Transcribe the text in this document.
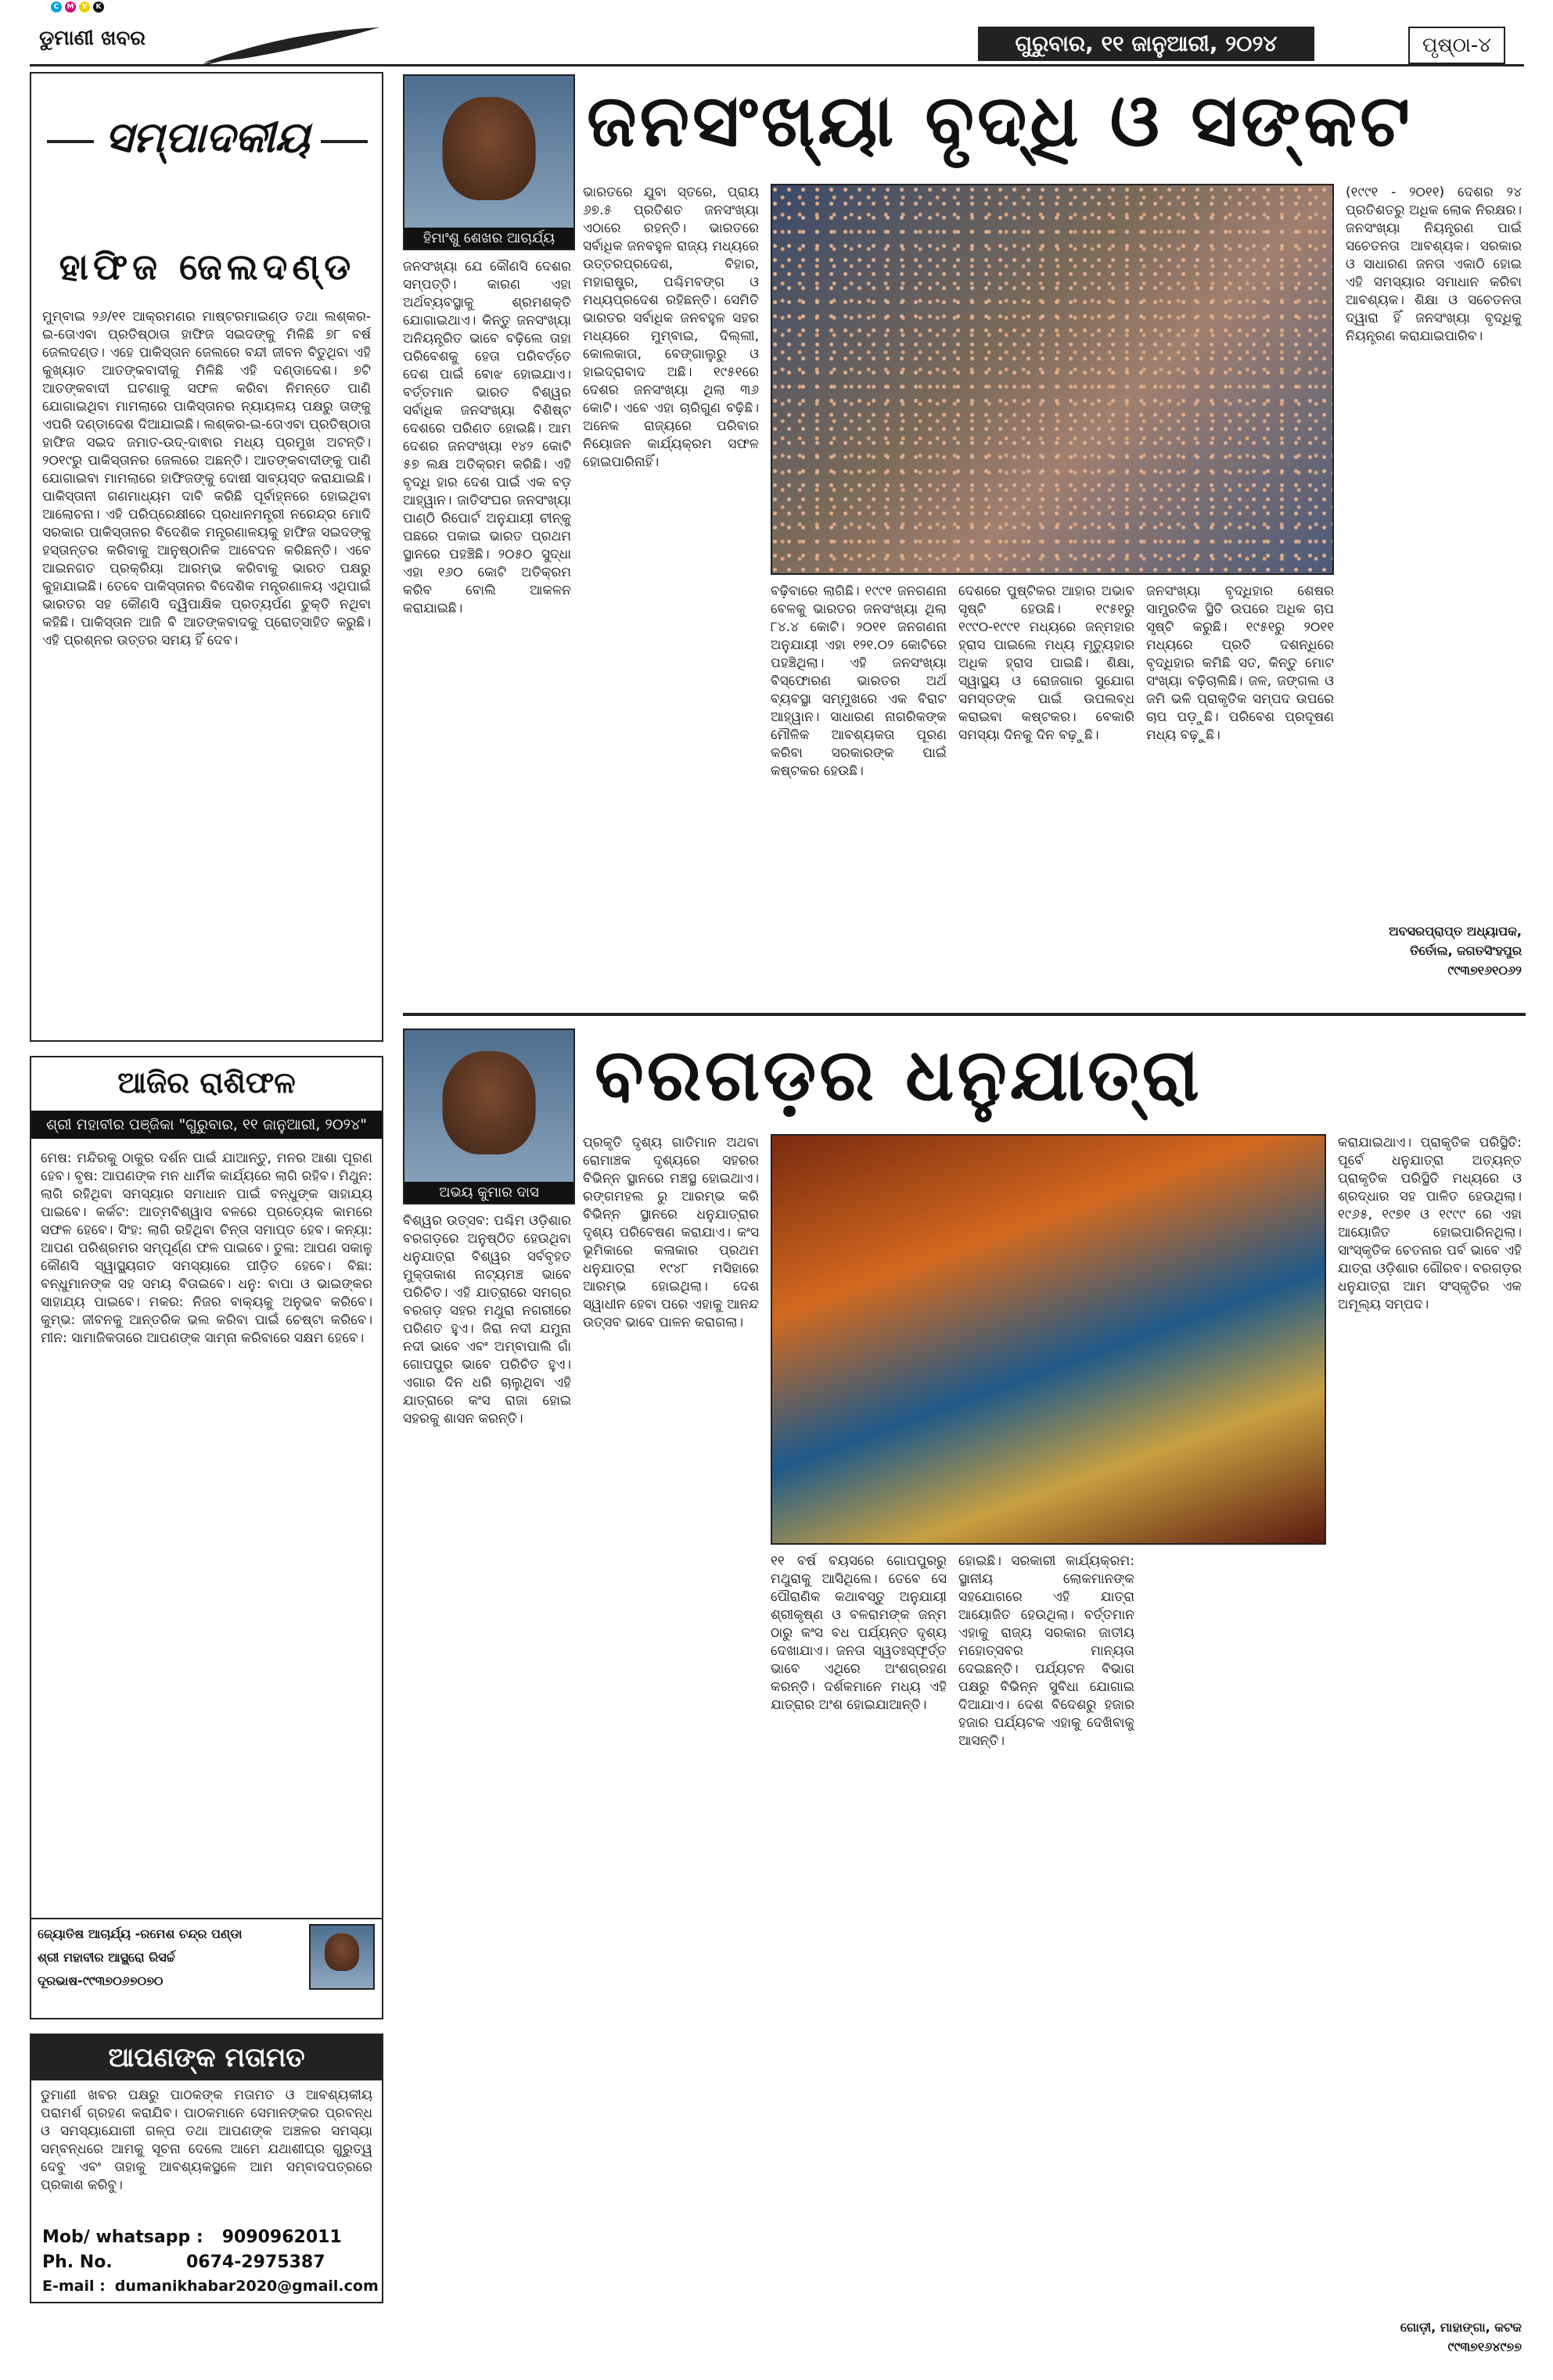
C	M	Y	K
ଡୁମାଣୀ ଖବର	ଗୁରୁବାର, ୧୧ ଜାନୁଆରୀ, ୨୦୨୪	ପୃଷ୍ଠା-୪
ସମ୍ପାଦକୀୟ
ହାଫିଜ ଜେଲଦଣ୍ଡ
ମୁମ୍ବାଇ ୨୬/୧୧ ଆକ୍ରମଣର ମାଷ୍ଟରମାଇଣ୍ଡ ତଥା ଲଶ୍କର-ଇ-ତୋଏବା ପ୍ରତିଷ୍ଠାତା ହାଫିଜ ସଇଦଙ୍କୁ ମିଳିଛି ୭୮ ବର୍ଷ ଜେଲଦଣ୍ଡ। ଏହେ ପାକିସ୍ତାନ ଜେଲରେ ବନ୍ଦୀ ଜୀବନ ବିତୁଥିବା ଏହି କୁଖ୍ୟାତ ଆତଙ୍କବାଦୀକୁ ମିଳିଛି ଏହି ଦଣ୍ଡାଦେଶ। ୭ଟି ଆତଙ୍କବାଦୀ ଘଟଣାକୁ ସଫଳ କରିବା ନିମନ୍ତେ ପାଣି ଯୋଗାଇଥିବା ମାମଲାରେ ପାକିସ୍ତାନର ନ୍ୟାୟଳୟ ପକ୍ଷରୁ ତାଙ୍କୁ ଏପରି ଦଣ୍ଡାଦେଶ ଦିଆଯାଇଛି। ଲଶ୍କର-ଇ-ତୋଏବା ପ୍ରତିଷ୍ଠାତା ହାଫିଜ ସଇଦ ଜମାତ-ଉଦ୍-ଦାଵାର ମଧ୍ୟ ପ୍ରମୁଖ ଅଟନ୍ତି। ୨୦୧୯ରୁ ପାକିସ୍ତାନର ଜେଲରେ ଅଛନ୍ତି। ଆତଙ୍କବାଦୀଙ୍କୁ ପାଣି ଯୋଗାଇବା ମାମଲାରେ ହାଫିଜଙ୍କୁ ଦୋଷୀ ସାବ୍ୟସ୍ତ କରାଯାଇଛି। ପାକିସ୍ତାନୀ ଗଣମାଧ୍ୟମ ଦାବି କରିଛି ପୂର୍ବାହ୍ନରେ ହୋଇଥିବା ଆଲୋଚନା। ଏହି ପରିପ୍ରେକ୍ଷୀରେ ପ୍ରଧାନମନ୍ତ୍ରୀ ନରେନ୍ଦ୍ର ମୋଦି ସରକାର ପାକିସ୍ତାନର ବିଦେଶିକ ମନ୍ତ୍ରଣାଳୟକୁ ହାଫିଜ ସଇଦଙ୍କୁ ହସ୍ତାନ୍ତର କରିବାକୁ ଆନୁଷ୍ଠାନିକ ଆବେଦନ କରିଛନ୍ତି। ଏବେ ଆଇନଗତ ପ୍ରକ୍ରିୟା ଆରମ୍ଭ କରିବାକୁ ଭାରତ ପକ୍ଷରୁ କୁହାଯାଇଛି। ତେବେ ପାକିସ୍ତାନର ବିଦେଶିକ ମନ୍ତ୍ରଣାଳୟ ଏଥିପାଇଁ ଭାରତର ସହ କୌଣସି ଦ୍ୱିପାକ୍ଷିକ ପ୍ରତ୍ୟର୍ପଣ ଚୁକ୍ତି ନଥିବା କହିଛି। ପାକିସ୍ତାନ ଆଜି ବି ଆତଙ୍କବାଦକୁ ପ୍ରୋତ୍ସାହିତ କରୁଛି। ଏହି ପ୍ରଶ୍ନର ଉତ୍ତର ସମୟ ହିଁ ଦେବ।
ଆଜିର ରାଶିଫଳ
ଶ୍ରୀ ମହାବୀର ପଞ୍ଜିକା "ଗୁରୁବାର, ୧୧ ଜାନୁଆରୀ, ୨୦୨୪"
ମେଷ: ମନ୍ଦିରକୁ ଠାକୁର ଦର୍ଶନ ପାଇଁ ଯାଆନ୍ତୁ, ମନର ଆଶା ପୂରଣ ହେବ। ବୃଷ: ଆପଣଙ୍କ ମନ ଧାର୍ମିକ କାର୍ଯ୍ୟରେ ଲାଗି ରହିବ। ମିଥୁନ: ଲାଗି ରହିଥିବା ସମସ୍ୟାର ସମାଧାନ ପାଇଁ ବନ୍ଧୁଙ୍କ ସାହାଯ୍ୟ ପାଇବେ। କର୍କଟ: ଆତ୍ମବିଶ୍ୱାସ ବଳରେ ପ୍ରତ୍ୟେକ କାମରେ ସଫଳ ହେବେ। ସିଂହ: ଲାଗି ରହିଥିବା ଚିନ୍ତା ସମାପ୍ତ ହେବ। କନ୍ୟା: ଆପଣ ପରିଶ୍ରମର ସମ୍ପୂର୍ଣ୍ଣ ଫଳ ପାଇବେ। ତୁଳା: ଆପଣ ସକାଳୁ କୌଣସି ସ୍ୱାସ୍ଥ୍ୟଗତ ସମସ୍ୟାରେ ପୀଡ଼ିତ ହେବେ। ବିଛା: ବନ୍ଧୁମାନଙ୍କ ସହ ସମୟ ବିତାଇବେ। ଧନୁ: ବାପା ଓ ଭାଇଙ୍କର ସାହାଯ୍ୟ ପାଇବେ। ମକର: ନିଜର ବାକ୍ୟକୁ ଅନୁଭବ କରିବେ। କୁମ୍ଭ: ଜୀବନକୁ ଆନ୍ତରିକ ଭଲ କରିବା ପାଇଁ ଚେଷ୍ଟା କରିବେ। ମୀନ: ସାମାଜିକତାରେ ଆପଣଙ୍କ ସାମ୍ନା କରିବାରେ ସକ୍ଷମ ହେବେ।
ଜ୍ୟୋତିଷ ଆଚାର୍ଯ୍ୟ -ରମେଶ ଚନ୍ଦ୍ର ପଣ୍ଡା
ଶ୍ରୀ ମହାବୀର ଆସ୍ଥ୍ରୋ ରିସର୍ଚ୍ଚ
ଦୂରଭାଷ-୯୯୩୭୦୬୭୦୭୦
ଆପଣଙ୍କ ମତାମତ
ଡୁମାଣୀ ଖବର ପକ୍ଷରୁ ପାଠକଙ୍କ ମତାମତ ଓ ଆବଶ୍ୟକୀୟ ପରାମର୍ଶ ଗ୍ରହଣ କରାଯିବ। ପାଠକମାନେ ସେମାନଙ୍କର ପ୍ରବନ୍ଧ ଓ ସମସ୍ୟାଯୋଗୀ ଗଳ୍ପ ତଥା ଆପଣଙ୍କ ଅଞ୍ଚଳର ସମସ୍ୟା ସମ୍ବନ୍ଧରେ ଆମକୁ ସୂଚନା ଦେଲେ ଆମେ ଯଥାଶୀଘ୍ର ଗୁରୁତ୍ୱ ଦେବୁ ଏବଂ ତାହାକୁ ଆବଶ୍ୟକସ୍ଥଳେ ଆମ ସମ୍ବାଦପତ୍ରରେ ପ୍ରକାଶ କରିବୁ।
Mob/ whatsapp : 9090962011
Ph. No.	0674-2975387
E-mail : dumanikhabar2020@gmail.com
ହିମାଂଶୁ ଶେଖର ଆଚାର୍ଯ୍ୟ
ଜନସଂଖ୍ୟା ବୃଦ୍ଧି ଓ ସଙ୍କଟ
ଜନସଂଖ୍ୟା ଯେ କୌଣସି ଦେଶର ସମ୍ପତ୍ତି। କାରଣ ଏହା ଅର୍ଥବ୍ୟବସ୍ଥାକୁ ଶ୍ରମଶକ୍ତି ଯୋଗାଇଥାଏ। କିନ୍ତୁ ଜନସଂଖ୍ୟା ଅନିୟନ୍ତ୍ରିତ ଭାବେ ବଢ଼ିଲେ ତାହା ପରିବେଶକୁ ହେତା ପରିବର୍ତ୍ତେ ଦେଶ ପାଇଁ ବୋଝ ହୋଇଯାଏ। ବର୍ତ୍ତମାନ ଭାରତ ବିଶ୍ୱର ସର୍ବାଧିକ ଜନସଂଖ୍ୟା ବିଶିଷ୍ଟ ଦେଶରେ ପରିଣତ ହୋଇଛି। ଆମ ଦେଶର ଜନସଂଖ୍ୟା ୧୪୨ କୋଟି ୫୭ ଲକ୍ଷ ଅତିକ୍ରମ କରିଛି। ଏହି ବୃଦ୍ଧି ହାର ଦେଶ ପାଇଁ ଏକ ବଡ଼ ଆହ୍ୱାନ। ଜାତିସଂଘର ଜନସଂଖ୍ୟା ପାଣ୍ଠି ରିପୋର୍ଟ ଅନୁଯାୟୀ ଚୀନ୍‌କୁ ପଛରେ ପକାଇ ଭାରତ ପ୍ରଥମ ସ୍ଥାନରେ ପହଞ୍ଚିଛି। ୨୦୫୦ ସୁଦ୍ଧା ଏହା ୧୬୦ କୋଟି ଅତିକ୍ରମ କରିବ ବୋଲି ଆକଳନ କରାଯାଇଛି।
ଭାରତରେ ଯୁବା ସ୍ତରେ, ପ୍ରାୟ ୬୭.୫ ପ୍ରତିଶତ ଜନସଂଖ୍ୟା ଏଠାରେ ରହନ୍ତି। ଭାରତରେ ସର୍ବାଧିକ ଜନବହୁଳ ରାଜ୍ୟ ମଧ୍ୟରେ ଉତ୍ତରପ୍ରଦେଶ, ବିହାର, ମହାରାଷ୍ଟ୍ର, ପଶ୍ଚିମବଙ୍ଗ ଓ ମଧ୍ୟପ୍ରଦେଶ ରହିଛନ୍ତି। ସେମିତି ଭାରତର ସର୍ବାଧିକ ଜନବହୁଳ ସହର ମଧ୍ୟରେ ମୁମ୍ବାଇ, ଦିଲ୍ଲୀ, କୋଲକାତା, ବେଙ୍ଗାଲୁରୁ ଓ ହାଇଦ୍ରାବାଦ ଅଛି। ୧୯୫୧ରେ ଦେଶର ଜନସଂଖ୍ୟା ଥିଲା ୩୬ କୋଟି। ଏବେ ଏହା ଚାରିଗୁଣ ବଢ଼ିଛି। ଅନେକ ରାଜ୍ୟରେ ପରିବାର ନିୟୋଜନ କାର୍ଯ୍ୟକ୍ରମ ସଫଳ ହୋଇପାରିନାହିଁ।
ବଢ଼ିବାରେ ଲାଗିଛି। ୧୯୯୧ ଜନଗଣନା ବେଳକୁ ଭାରତର ଜନସଂଖ୍ୟା ଥିଲା ୮୪.୪ କୋଟି। ୨୦୧୧ ଜନଗଣନା ଅନୁଯାୟୀ ଏହା ୧୨୧.୦୨ କୋଟିରେ ପହଞ୍ଚିଥିଲା। ଏହି ଜନସଂଖ୍ୟା ବିସ୍ଫୋରଣ ଭାରତର ଅର୍ଥ ବ୍ୟବସ୍ଥା ସମ୍ମୁଖରେ ଏକ ବିରାଟ ଆହ୍ୱାନ। ସାଧାରଣ ନାଗରିକଙ୍କ ମୌଳିକ ଆବଶ୍ୟକତା ପୂରଣ କରିବା ସରକାରଙ୍କ ପାଇଁ କଷ୍ଟକର ହେଉଛି।
ଦେଶରେ ପୁଷ୍ଟିକର ଆହାର ଅଭାବ ସୃଷ୍ଟି ହେଉଛି। ୧୯୫୧ରୁ ୧୯୯୦-୧୯୯୧ ମଧ୍ୟରେ ଜନ୍ମହାର ହ୍ରାସ ପାଇଲେ ମଧ୍ୟ ମୃତ୍ୟୁହାର ଅଧିକ ହ୍ରାସ ପାଇଛି। ଶିକ୍ଷା, ସ୍ୱାସ୍ଥ୍ୟ ଓ ରୋଜଗାର ସୁଯୋଗ ସମସ୍ତଙ୍କ ପାଇଁ ଉପଲବ୍ଧ କରାଇବା କଷ୍ଟକର। ବେକାରି ସମସ୍ୟା ଦିନକୁ ଦିନ ବଢ଼ୁଛି।
ଜନସଂଖ୍ୟା ବୃଦ୍ଧିହାର ଶେଷର ସାମ୍ପ୍ରତିକ ସ୍ଥିତି ଉପରେ ଅଧିକ ଚାପ ସୃଷ୍ଟି କରୁଛି। ୧୯୫୧ରୁ ୨୦୧୧ ମଧ୍ୟରେ ପ୍ରତି ଦଶନ୍ଧିରେ ବୃଦ୍ଧିହାର କମିଛି ସତ, କିନ୍ତୁ ମୋଟ ସଂଖ୍ୟା ବଢ଼ିଚାଲିଛି। ଜଳ, ଜଙ୍ଗଲ ଓ ଜମି ଭଳି ପ୍ରାକୃତିକ ସମ୍ପଦ ଉପରେ ଚାପ ପଡ଼ୁଛି। ପରିବେଶ ପ୍ରଦୂଷଣ ମଧ୍ୟ ବଢ଼ୁଛି।
(୧୯୯୧ - ୨୦୧୧) ଦେଶର ୨୪ ପ୍ରତିଶତରୁ ଅଧିକ ଲୋକ ନିରକ୍ଷର। ଜନସଂଖ୍ୟା ନିୟନ୍ତ୍ରଣ ପାଇଁ ସଚେତନତା ଆବଶ୍ୟକ। ସରକାର ଓ ସାଧାରଣ ଜନତା ଏକାଠି ହୋଇ ଏହି ସମସ୍ୟାର ସମାଧାନ କରିବା ଆବଶ୍ୟକ। ଶିକ୍ଷା ଓ ସଚେତନତା ଦ୍ୱାରା ହିଁ ଜନସଂଖ୍ୟା ବୃଦ୍ଧିକୁ ନିୟନ୍ତ୍ରଣ କରାଯାଇପାରିବ।
ଅବସରପ୍ରାପ୍ତ ଅଧ୍ୟାପକ,
ତିର୍ତୋଲ, ଜଗତସିଂହପୁର
୯୯୩୭୧୬୧୦୬୨
ଅଭୟ କୁମାର ଦାସ
ବରଗଡ଼ର ଧନୁଯାତ୍ରା
ବିଶ୍ୱର ଉତ୍ସବ: ପଶ୍ଚିମ ଓଡ଼ିଶାର ବରଗଡ଼ରେ ଅନୁଷ୍ଠିତ ହେଉଥିବା ଧନୁଯାତ୍ରା ବିଶ୍ୱର ସର୍ବବୃହତ ମୁକ୍ତାକାଶ ନାଟ୍ୟମଞ୍ଚ ଭାବେ ପରିଚିତ। ଏହି ଯାତ୍ରାରେ ସମଗ୍ର ବରଗଡ଼ ସହର ମଥୁରା ନଗରୀରେ ପରିଣତ ହୁଏ। ଜିରା ନଦୀ ଯମୁନା ନଦୀ ଭାବେ ଏବଂ ଅମ୍ବାପାଲି ଗାଁ ଗୋପପୁର ଭାବେ ପରିଚିତ ହୁଏ। ଏଗାର ଦିନ ଧରି ଚାଲୁଥିବା ଏହି ଯାତ୍ରାରେ କଂସ ରାଜା ହୋଇ ସହରକୁ ଶାସନ କରନ୍ତି।
ପ୍ରକୃତି ଦୃଶ୍ୟ ଗାତିମାନ ଅଥବା ରୋମାଞ୍ଚକ ଦୃଶ୍ୟରେ ସହରର ବିଭିନ୍ନ ସ୍ଥାନରେ ମଞ୍ଚସ୍ଥ ହୋଇଥାଏ। ରଙ୍ଗମହଲ ରୁ ଆରମ୍ଭ କରି ବିଭିନ୍ନ ସ୍ଥାନରେ ଧନୁଯାତ୍ରାର ଦୃଶ୍ୟ ପରିବେଷଣ କରାଯାଏ। କଂସ ଭୂମିକାରେ କଳାକାର ପ୍ରଥମ ଧନୁଯାତ୍ରା ୧୯୪୮ ମସିହାରେ ଆରମ୍ଭ ହୋଇଥିଲା। ଦେଶ ସ୍ୱାଧୀନ ହେବା ପରେ ଏହାକୁ ଆନନ୍ଦ ଉତ୍ସବ ଭାବେ ପାଳନ କରାଗଲା।
୧୧ ବର୍ଷ ବୟସରେ ଗୋପପୁରରୁ ମଥୁରାକୁ ଆସିଥିଲେ। ତେବେ ସେ ପୌରାଣିକ କଥାବସ୍ତୁ ଅନୁଯାୟୀ ଶ୍ରୀକୃଷ୍ଣ ଓ ବଳରାମଙ୍କ ଜନ୍ମ ଠାରୁ କଂସ ବଧ ପର୍ଯ୍ୟନ୍ତ ଦୃଶ୍ୟ ଦେଖାଯାଏ। ଜନତା ସ୍ୱତଃସ୍ଫୂର୍ତ୍ତ ଭାବେ ଏଥିରେ ଅଂଶଗ୍ରହଣ କରନ୍ତି। ଦର୍ଶକମାନେ ମଧ୍ୟ ଏହି ଯାତ୍ରାର ଅଂଶ ହୋଇଯାଆନ୍ତି।
ହୋଇଛି। ସରକାରୀ କାର୍ଯ୍ୟକ୍ରମ: ସ୍ଥାନୀୟ ଲୋକମାନଙ୍କ ସହଯୋଗରେ ଏହି ଯାତ୍ରା ଆୟୋଜିତ ହେଉଥିଲା। ବର୍ତ୍ତମାନ ଏହାକୁ ରାଜ୍ୟ ସରକାର ଜାତୀୟ ମହୋତ୍ସବର ମାନ୍ୟତା ଦେଇଛନ୍ତି। ପର୍ଯ୍ୟଟନ ବିଭାଗ ପକ୍ଷରୁ ବିଭିନ୍ନ ସୁବିଧା ଯୋଗାଇ ଦିଆଯାଏ। ଦେଶ ବିଦେଶରୁ ହଜାର ହଜାର ପର୍ଯ୍ୟଟକ ଏହାକୁ ଦେଖିବାକୁ ଆସନ୍ତି।
କରାଯାଇଥାଏ। ପ୍ରାକୃତିକ ପରିସ୍ଥିତି: ପୂର୍ବେ ଧନୁଯାତ୍ରା ଅତ୍ୟନ୍ତ ପ୍ରାକୃତିକ ପରିସ୍ଥିତି ମଧ୍ୟରେ ଓ ଶ୍ରଦ୍ଧାର ସହ ପାଳିତ ହେଉଥିଲା। ୧୯୬୫, ୧୯୭୧ ଓ ୧୯୯୯ ରେ ଏହା ଆୟୋଜିତ ହୋଇପାରିନଥିଲା। ସାଂସ୍କୃତିକ ଚେତନାର ପର୍ବ ଭାବେ ଏହି ଯାତ୍ରା ଓଡ଼ିଶାର ଗୌରବ। ବରଗଡ଼ର ଧନୁଯାତ୍ରା ଆମ ସଂସ୍କୃତିର ଏକ ଅମୂଲ୍ୟ ସମ୍ପଦ।
ଗୋଡ଼ୀ, ମାହାଙ୍ଗା, କଟକ
୯୯୩୭୧୬୪୯୭୭
